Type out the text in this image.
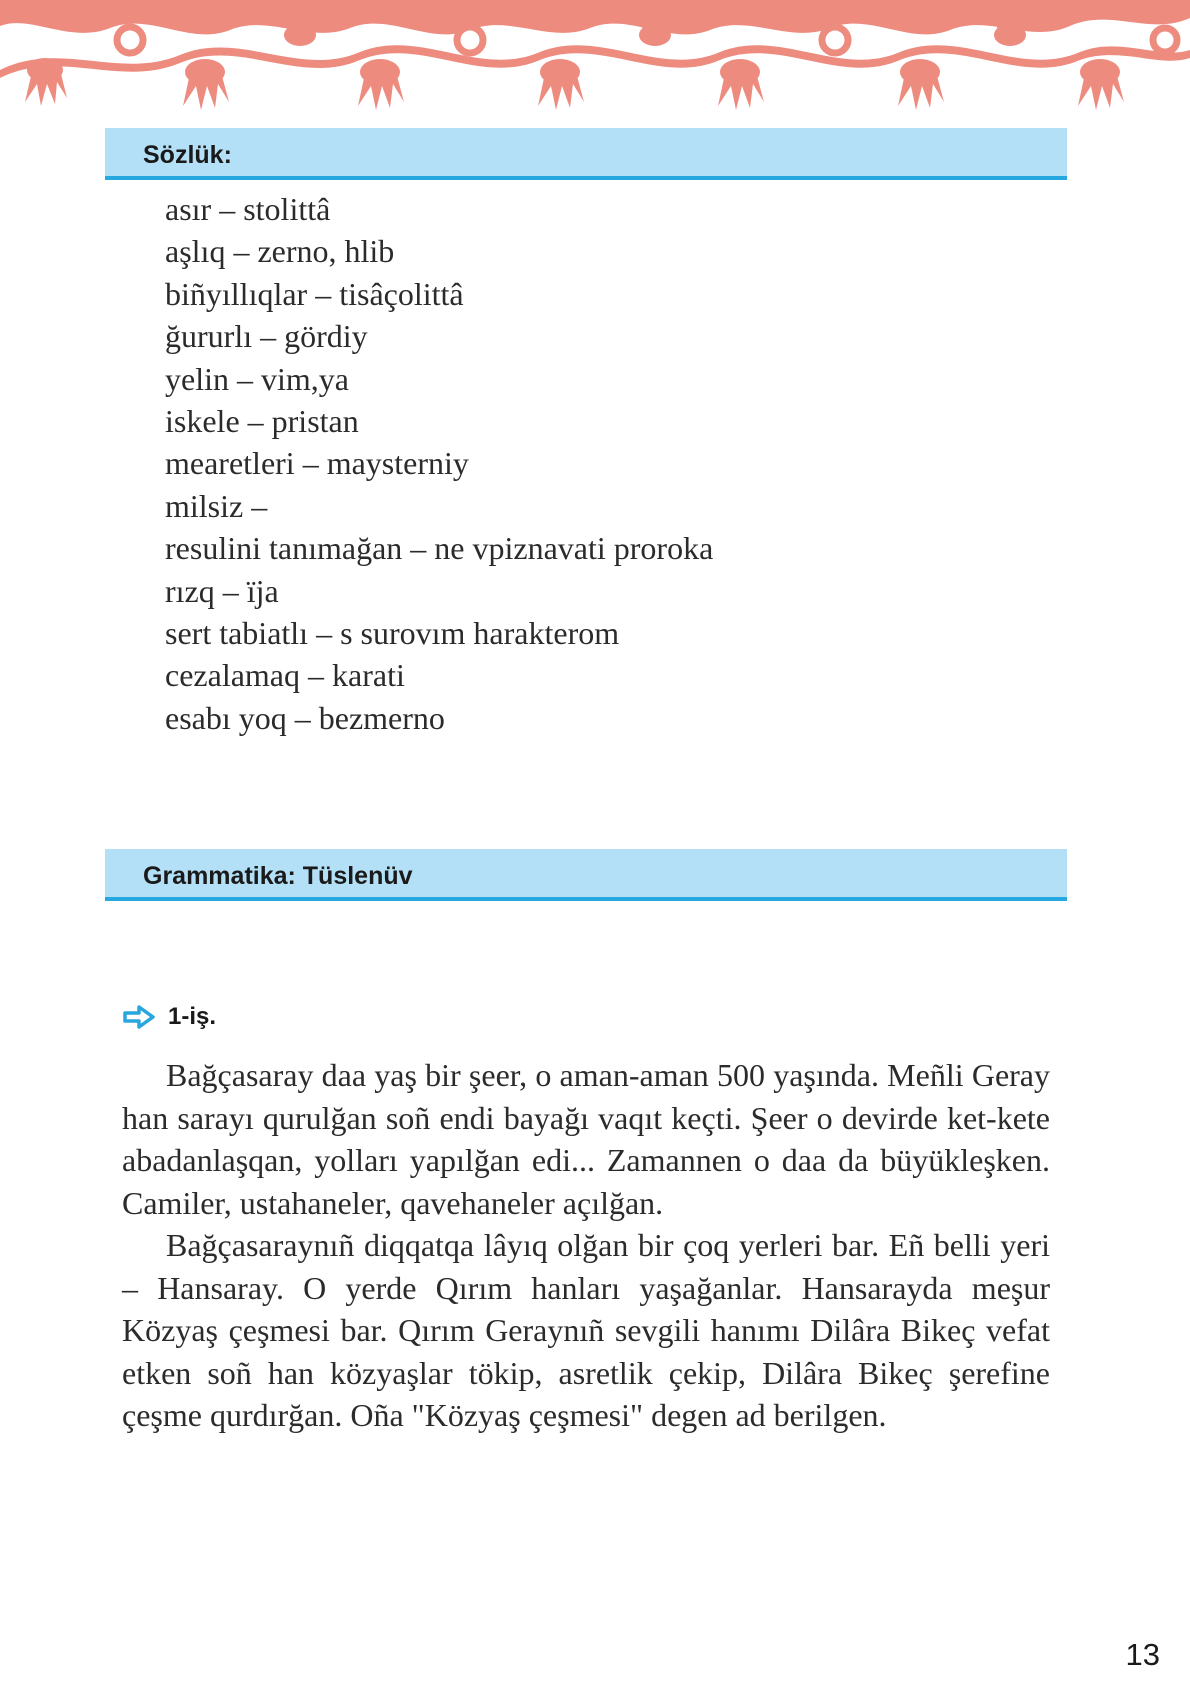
Sözlük:
asır – stolittâ
aşlıq – zerno, hlib
biñyıllıqlar – tisâçolittâ
ğururlı – gördiy
yelin – vim,ya
iskele – pristan
mearetleri – maysterniy
milsiz –
resulini tanımağan – ne vpiznavati proroka
rızq – ïja
sert tabiatlı – s surovım harakterom
cezalamaq – karati
esabı yoq – bezmerno
Grammatika: Tüslenüv
1-iş.

Bağçasaray daa yaş bir şeer, o aman-aman 500 yaşında. Meñli Geray han sarayı qurulğan soñ endi bayağı vaqıt keçti. Şeer o devirde ket-kete abadanlaşqan, yolları yapılğan edi... Zamannen o daa da büyükleşken. Camiler, ustahaneler, qavehaneler açılğan.

Bağçasaraynıñ diqqatqa lâyıq olğan bir çoq yerleri bar. Eñ belli yeri – Hansaray. O yerde Qırım hanları yaşağanlar. Hansarayda meşur Közyaş çeşmesi bar. Qırım Geraynıñ sevgili hanımı Dilâra Bikeç vefat etken soñ han közyaşlar tökip, asretlik çekip, Dilâra Bikeç şerefine çeşme qurdırğan. Oña "Közyaş çeşmesi" degen ad berilgen.

13
